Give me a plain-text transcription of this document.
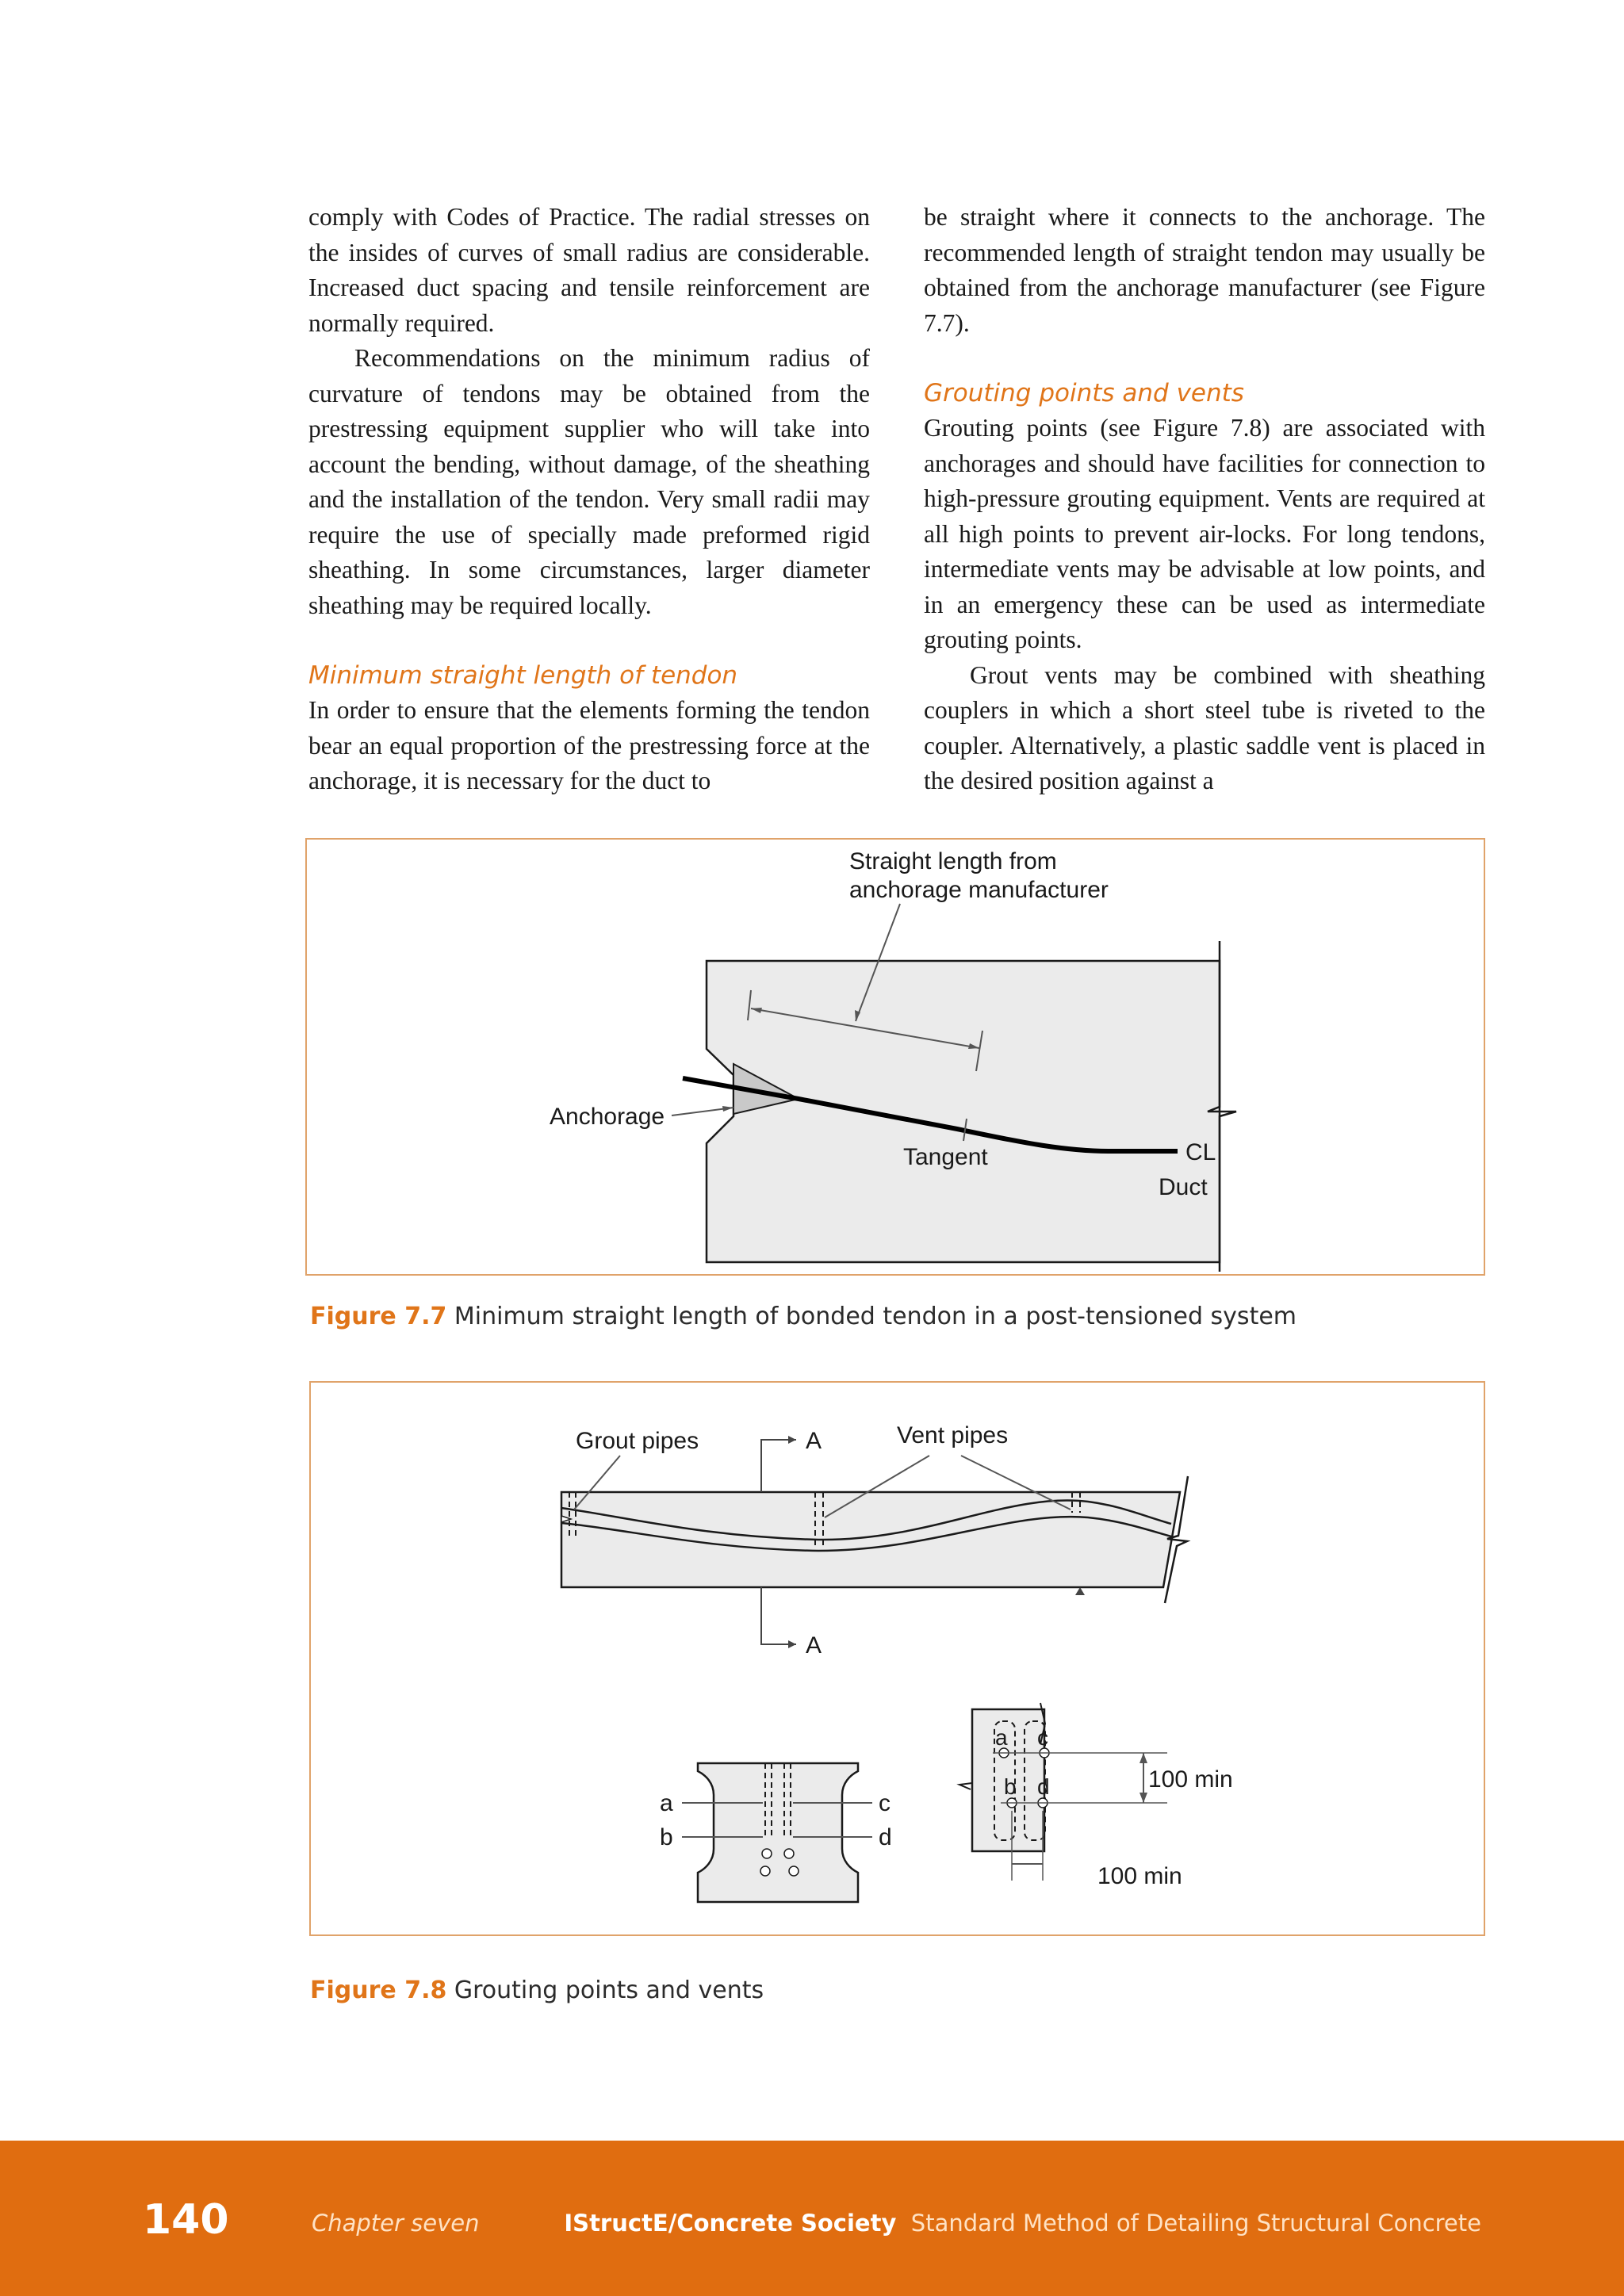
comply with Codes of Practice. The radial stresses on the insides of curves of small radius are considerable. Increased duct spacing and tensile reinforcement are normally required.

Recommendations on the minimum radius of curvature of tendons may be obtained from the prestressing equipment supplier who will take into account the bending, without damage, of the sheathing and the installation of the tendon. Very small radii may require the use of specially made preformed rigid sheathing. In some circumstances, larger diameter sheathing may be required locally.

Minimum straight length of tendon

In order to ensure that the elements forming the tendon bear an equal proportion of the prestressing force at the anchorage, it is necessary for the duct to

be straight where it connects to the anchorage. The recommended length of straight tendon may usually be obtained from the anchorage manufacturer (see Figure 7.7).

Grouting points and vents

Grouting points (see Figure 7.8) are associated with anchorages and should have facilities for connection to high-pressure grouting equipment. Vents are required at all high points to prevent air-locks. For long tendons, intermediate vents may be advisable at low points, and in an emergency these can be used as intermediate grouting points.

Grout vents may be combined with sheathing couplers in which a short steel tube is riveted to the coupler. Alternatively, a plastic saddle vent is placed in the desired position against a

Straight length from
anchorage manufacturer
Anchorage
Tangent	CL
Duct
Figure 7.7 Minimum straight length of bonded tendon in a post-tensioned system
A
A
Grout pipes	Vent pipes
a
b
c
d
a c
b d	100 min
100 min
Figure 7.8 Grouting points and vents
140	Chapter seven	IStructE/Concrete Society Standard Method of Detailing Structural Concrete
